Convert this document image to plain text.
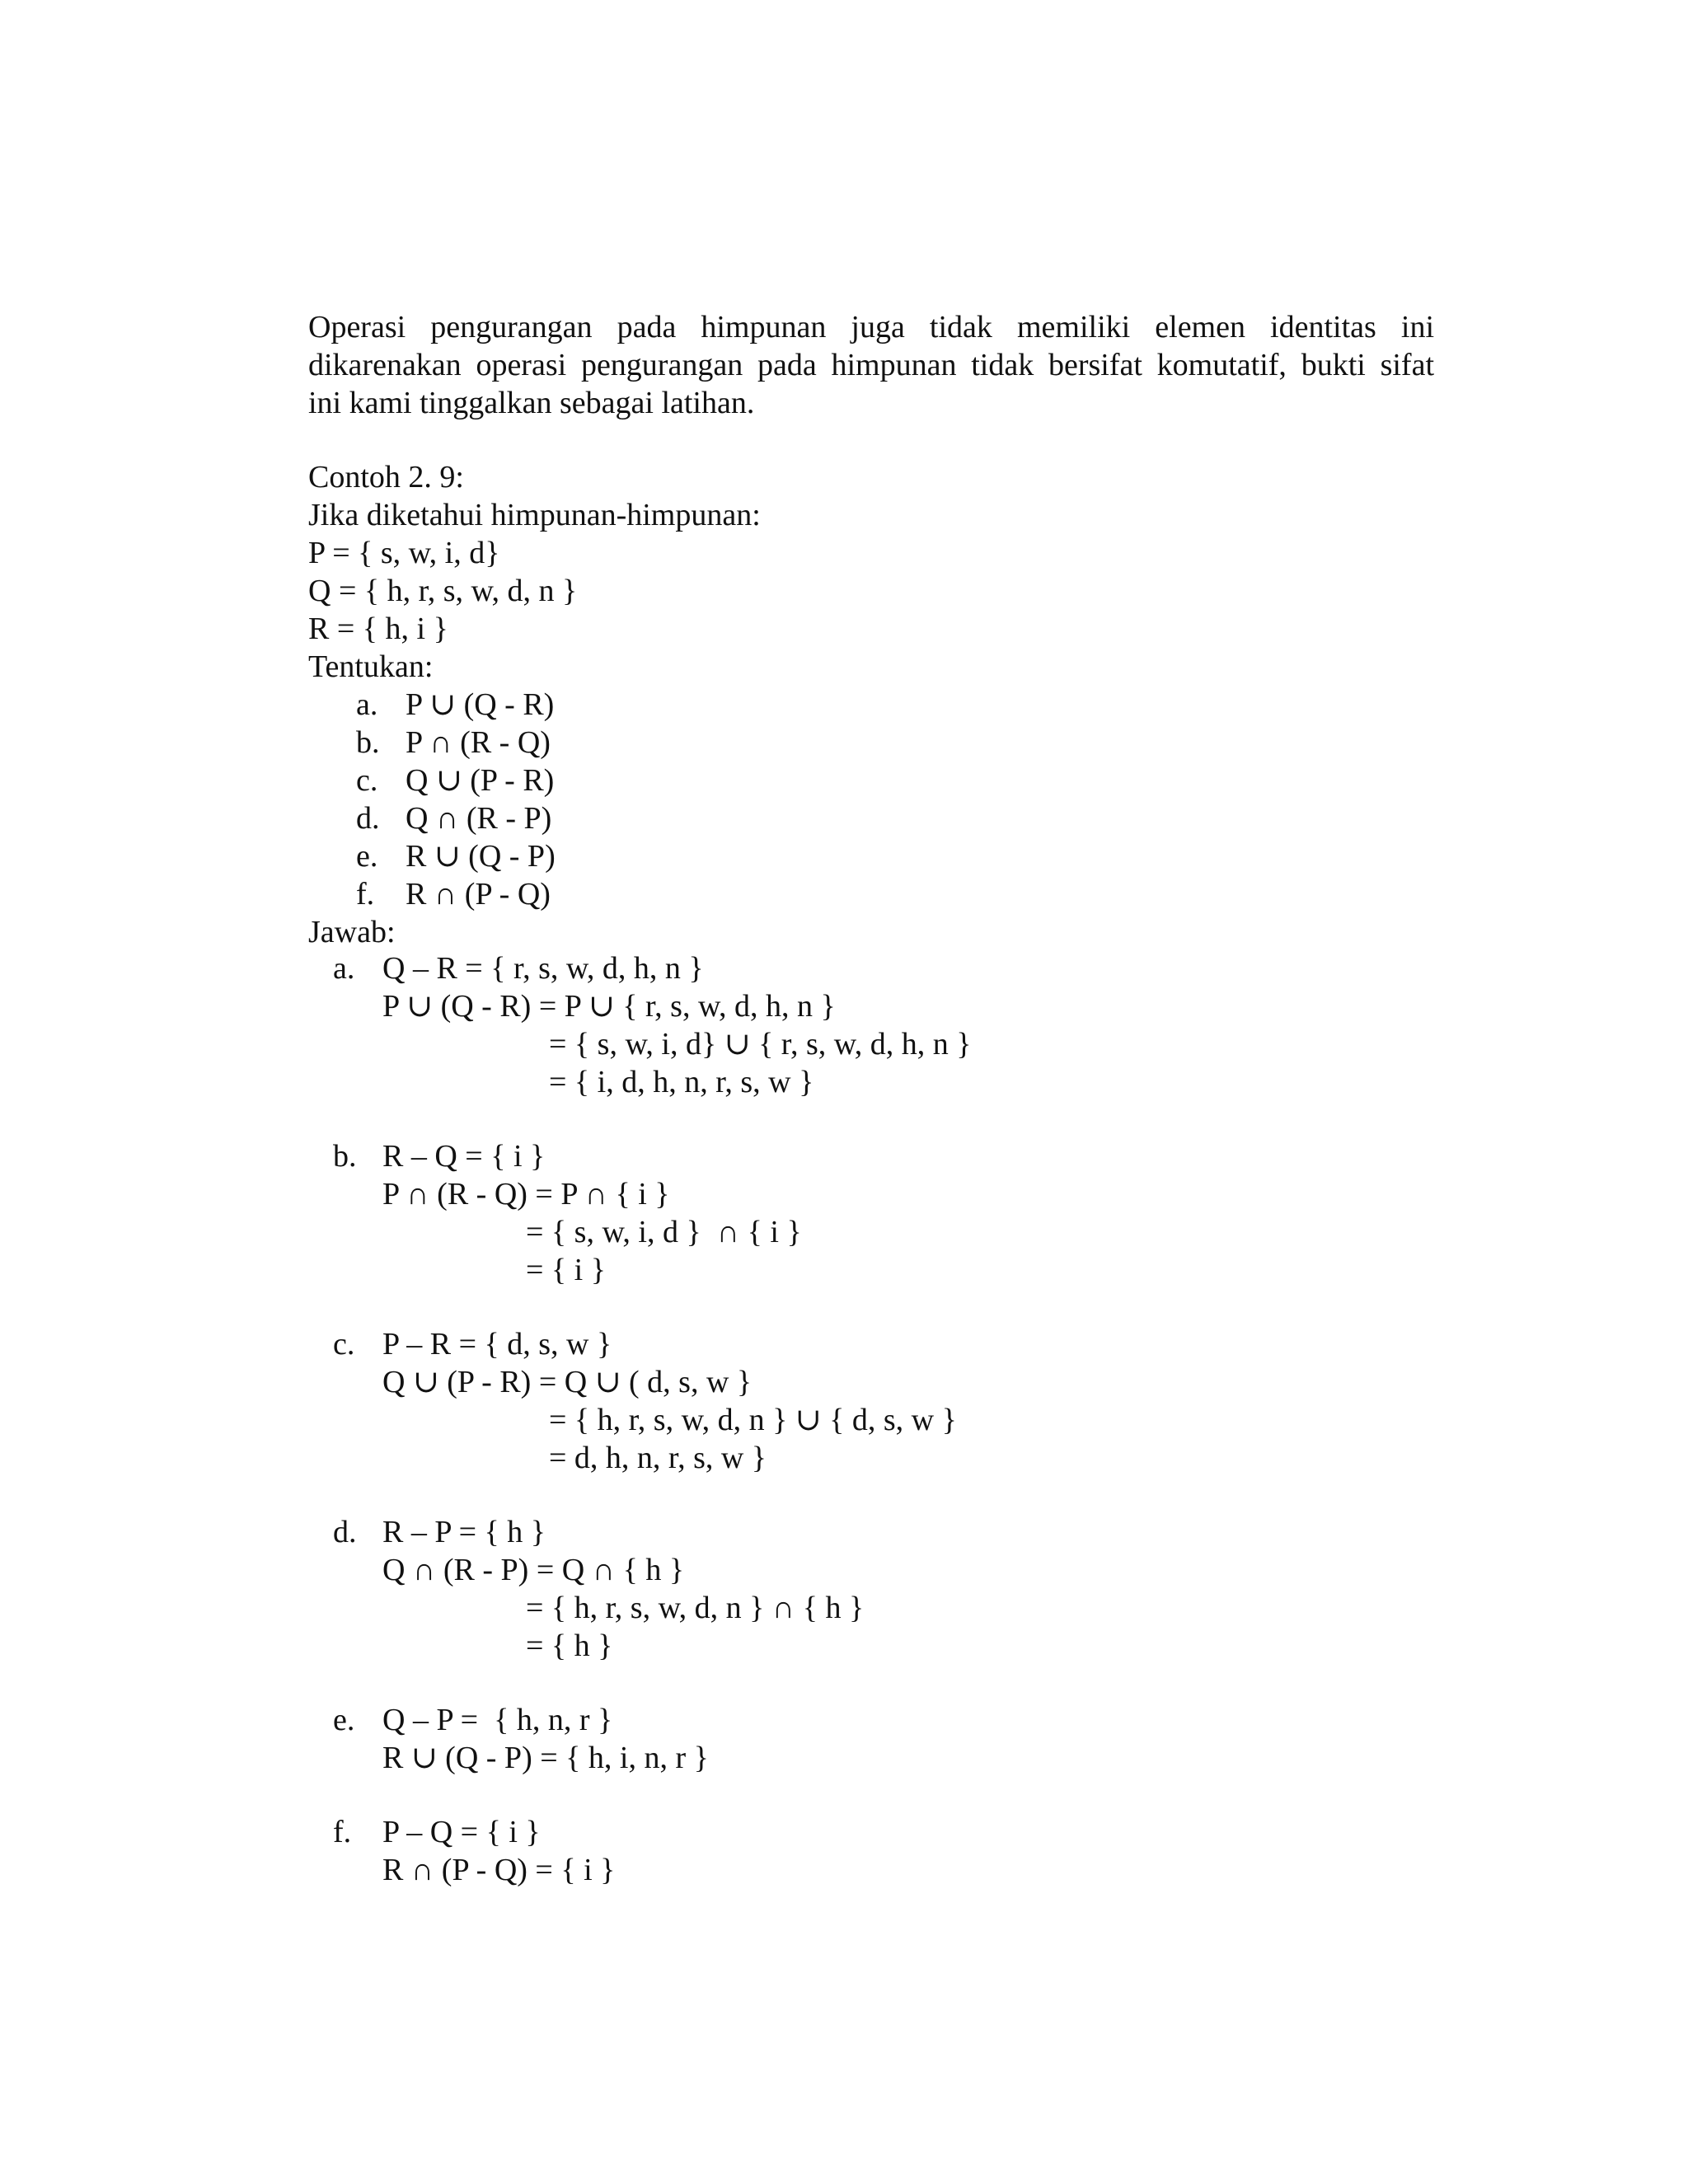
Operasi pengurangan pada himpunan juga tidak memiliki elemen identitas ini
dikarenakan operasi pengurangan pada himpunan tidak bersifat komutatif, bukti sifat
ini kami tinggalkan sebagai latihan.
Contoh 2. 9:
Jika diketahui himpunan-himpunan:
P = { s, w, i, d}
Q = { h, r, s, w, d, n }
R = { h, i }
Tentukan:
a. P ∪ (Q - R)
b. P ∩ (R - Q)
c. Q ∪ (P - R)
d. Q ∩ (R - P)
e. R ∪ (Q - P)
f. R ∩ (P - Q)
Jawab:
a. Q – R = { r, s, w, d, h, n }
P ∪ (Q - R) = P ∪ { r, s, w, d, h, n }
= { s, w, i, d} ∪ { r, s, w, d, h, n }
= { i, d, h, n, r, s, w }
b. R – Q = { i }
P ∩ (R - Q) = P ∩ { i }
= { s, w, i, d }  ∩ { i }
= { i }
c. P – R = { d, s, w }
Q ∪ (P - R) = Q ∪ ( d, s, w }
= { h, r, s, w, d, n } ∪ { d, s, w }
= d, h, n, r, s, w }
d. R – P = { h }
Q ∩ (R - P) = Q ∩ { h }
= { h, r, s, w, d, n } ∩ { h }
= { h }
e. Q – P =  { h, n, r }
R ∪ (Q - P) = { h, i, n, r }
f. P – Q = { i }
R ∩ (P - Q) = { i }
